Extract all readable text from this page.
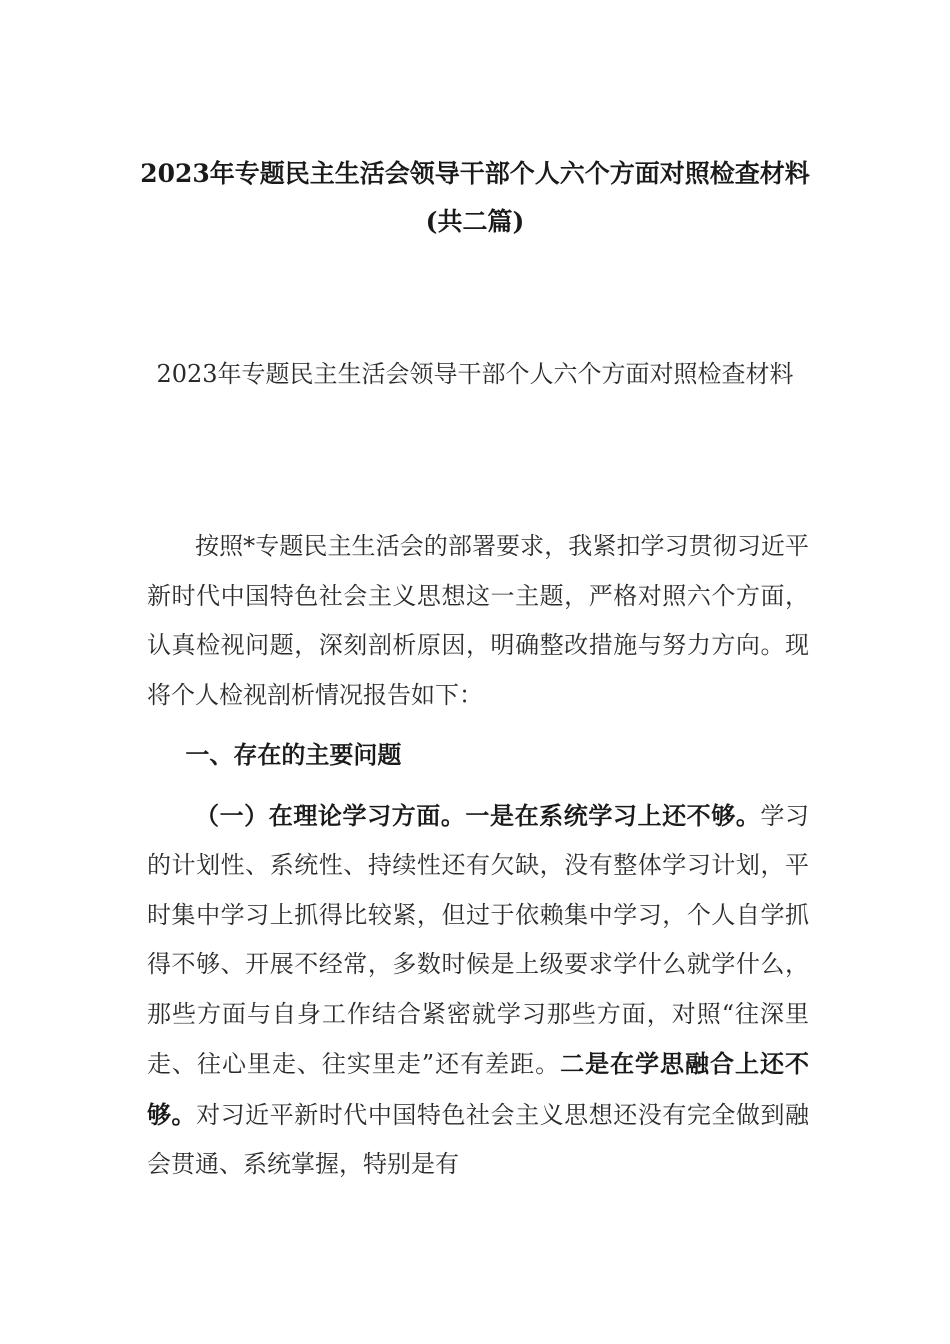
2023年专题民主生活会领导干部个人六个方面对照检查材料(共二篇)
2023年专题民主生活会领导干部个人六个方面对照检查材料

按照*专题民主生活会的部署要求，我紧扣学习贯彻习近平新时代中国特色社会主义思想这一主题，严格对照六个方面，认真检视问题，深刻剖析原因，明确整改措施与努力方向。现将个人检视剖析情况报告如下：

一、存在的主要问题

（一）在理论学习方面。一是在系统学习上还不够。学习的计划性、系统性、持续性还有欠缺，没有整体学习计划，平时集中学习上抓得比较紧，但过于依赖集中学习，个人自学抓得不够、开展不经常，多数时候是上级要求学什么就学什么，那些方面与自身工作结合紧密就学习那些方面，对照“往深里走、往心里走、往实里走”还有差距。二是在学思融合上还不够。对习近平新时代中国特色社会主义思想还没有完全做到融会贯通、系统掌握，特别是有
